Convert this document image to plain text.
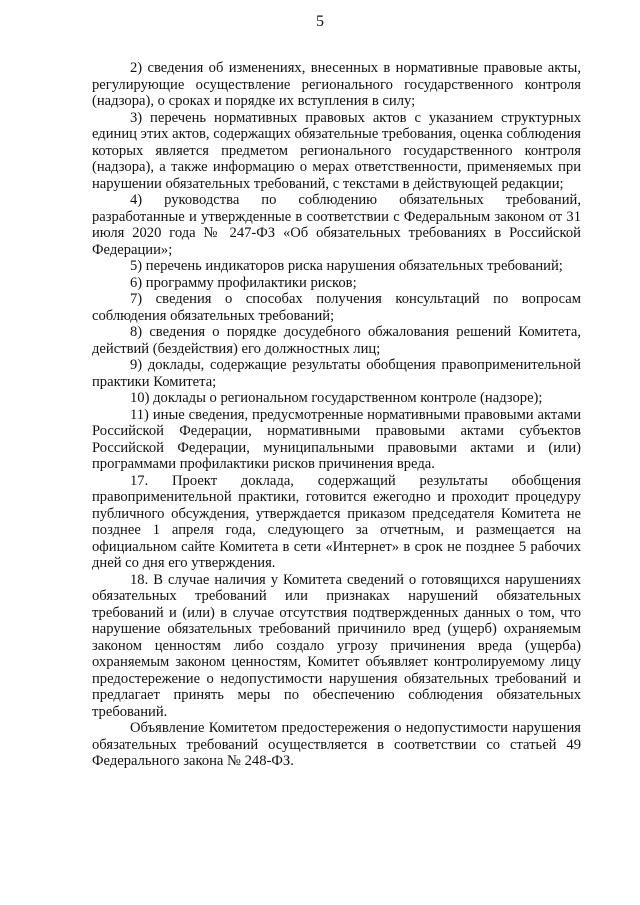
5

2) сведения об изменениях, внесенных в нормативные правовые акты, регулирующие осуществление регионального государственного контроля (надзора), о сроках и порядке их вступления в силу;

3) перечень нормативных правовых актов с указанием структурных единиц этих актов, содержащих обязательные требования, оценка соблюдения которых является предметом регионального государственного контроля (надзора), а также информацию о мерах ответственности, применяемых при нарушении обязательных требований, с текстами в действующей редакции;

4) руководства по соблюдению обязательных требований, разработанные и утвержденные в соответствии с Федеральным законом от 31 июля 2020 года № 247-ФЗ «Об обязательных требованиях в Российской Федерации»;

5) перечень индикаторов риска нарушения обязательных требований;

6) программу профилактики рисков;

7) сведения о способах получения консультаций по вопросам соблюдения обязательных требований;

8) сведения о порядке досудебного обжалования решений Комитета, действий (бездействия) его должностных лиц;

9) доклады, содержащие результаты обобщения правоприменительной практики Комитета;

10) доклады о региональном государственном контроле (надзоре);

11) иные сведения, предусмотренные нормативными правовыми актами Российской Федерации, нормативными правовыми актами субъектов Российской Федерации, муниципальными правовыми актами и (или) программами профилактики рисков причинения вреда.

17. Проект доклада, содержащий результаты обобщения правоприменительной практики, готовится ежегодно и проходит процедуру публичного обсуждения, утверждается приказом председателя Комитета не позднее 1 апреля года, следующего за отчетным, и размещается на официальном сайте Комитета в сети «Интернет» в срок не позднее 5 рабочих дней со дня его утверждения.

18. В случае наличия у Комитета сведений о готовящихся нарушениях обязательных требований или признаках нарушений обязательных требований и (или) в случае отсутствия подтвержденных данных о том, что нарушение обязательных требований причинило вред (ущерб) охраняемым законом ценностям либо создало угрозу причинения вреда (ущерба) охраняемым законом ценностям, Комитет объявляет контролируемому лицу предостережение о недопустимости нарушения обязательных требований и предлагает принять меры по обеспечению соблюдения обязательных требований.

Объявление Комитетом предостережения о недопустимости нарушения обязательных требований осуществляется в соответствии со статьей 49 Федерального закона № 248-ФЗ.
